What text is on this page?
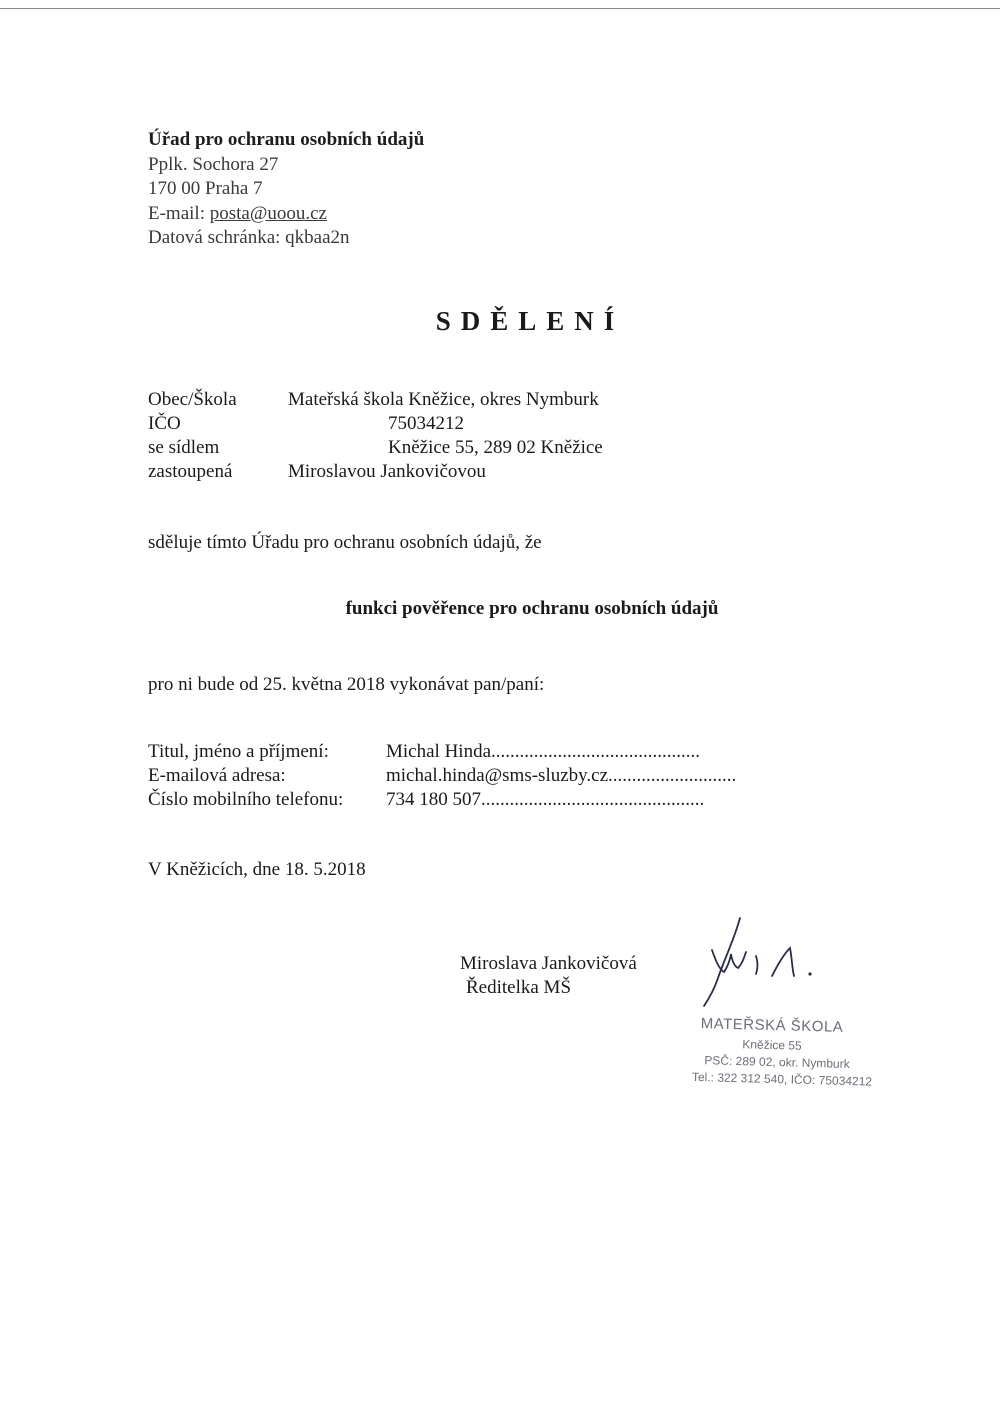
Úřad pro ochranu osobních údajů
Pplk. Sochora 27
170 00 Praha 7
E-mail: posta@uoou.cz
Datová schránka: qkbaa2n
SDĚLENÍ
Obec/Škola	Mateřská škola Kněžice, okres Nymburk
IČO	75034212
se sídlem	Kněžice 55, 289 02 Kněžice
zastoupená	Miroslavou Jankovičovou
sděluje tímto Úřadu pro ochranu osobních údajů, že
funkci pověřence pro ochranu osobních údajů
pro ni bude od 25. května 2018 vykonávat pan/paní:
Titul, jméno a příjmení:	Michal Hinda............................................
E-mailová adresa:	michal.hinda@sms-sluzby.cz...........................
Číslo mobilního telefonu: 734 180 507...............................................
V Kněžicích, dne 18. 5.2018
Miroslava Jankovičová
Ředitelka MŠ
MATEŘSKÁ ŠKOLA
Kněžice 55
PSČ: 289 02, okr. Nymburk
Tel.: 322 312 540, IČO: 75034212
